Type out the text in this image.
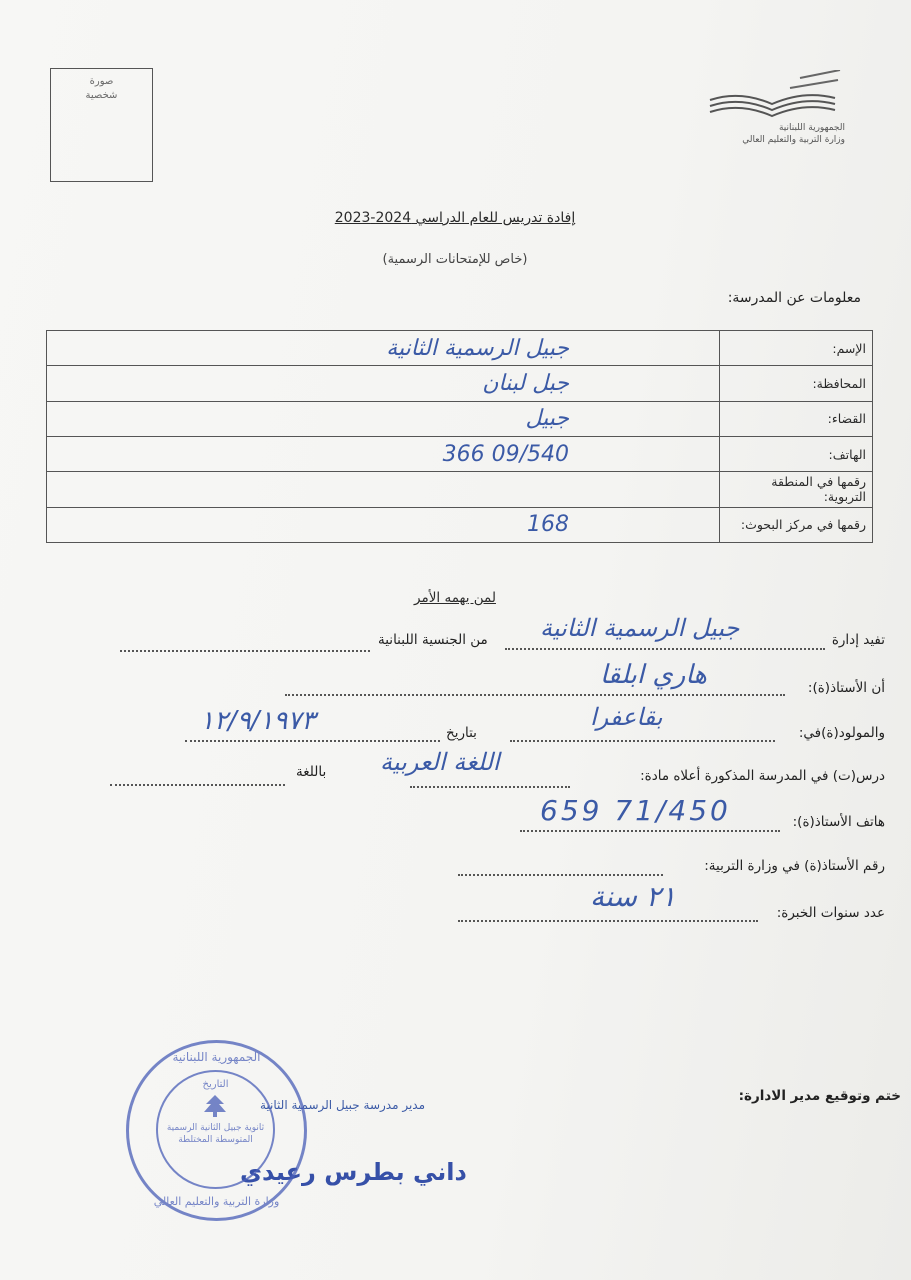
صورة
شخصية
الجمهورية اللبنانية
وزارة التربية والتعليم العالي
إفادة تدريس للعام الدراسي 2024-2023
(خاص للإمتحانات الرسمية)
معلومات عن المدرسة:
الإسم:	جبيل الرسمية الثانية
المحافظة:	جبل لبنان
القضاء:	جبيل
الهاتف:	09/540 366
رقمها في المنطقة التربوية:	
رقمها في مركز البحوث:	168
لمن يهمه الأمر
تفيد إدارة
جبيل الرسمية الثانية
من الجنسية اللبنانية
أن الأستاذ(ة):
هاري ابلقا
والمولود(ة)في:
بقاعفرا
بتاريخ
١٢/٩/١٩٧٣
درس(ت) في المدرسة المذكورة أعلاه مادة:
اللغة العربية
باللغة
هاتف الأستاذ(ة):
71/450 659
رقم الأستاذ(ة) في وزارة التربية:
عدد سنوات الخبرة:
٢١ سنة
ختم وتوقيع مدير الادارة:
مدير مدرسة جبيل الرسمية الثانية
داني بطرس رعيدي
الجمهورية اللبنانية
التاريخ
ثانوية جبيل الثانية الرسمية المتوسطة المختلطة
وزارة التربية والتعليم العالي
